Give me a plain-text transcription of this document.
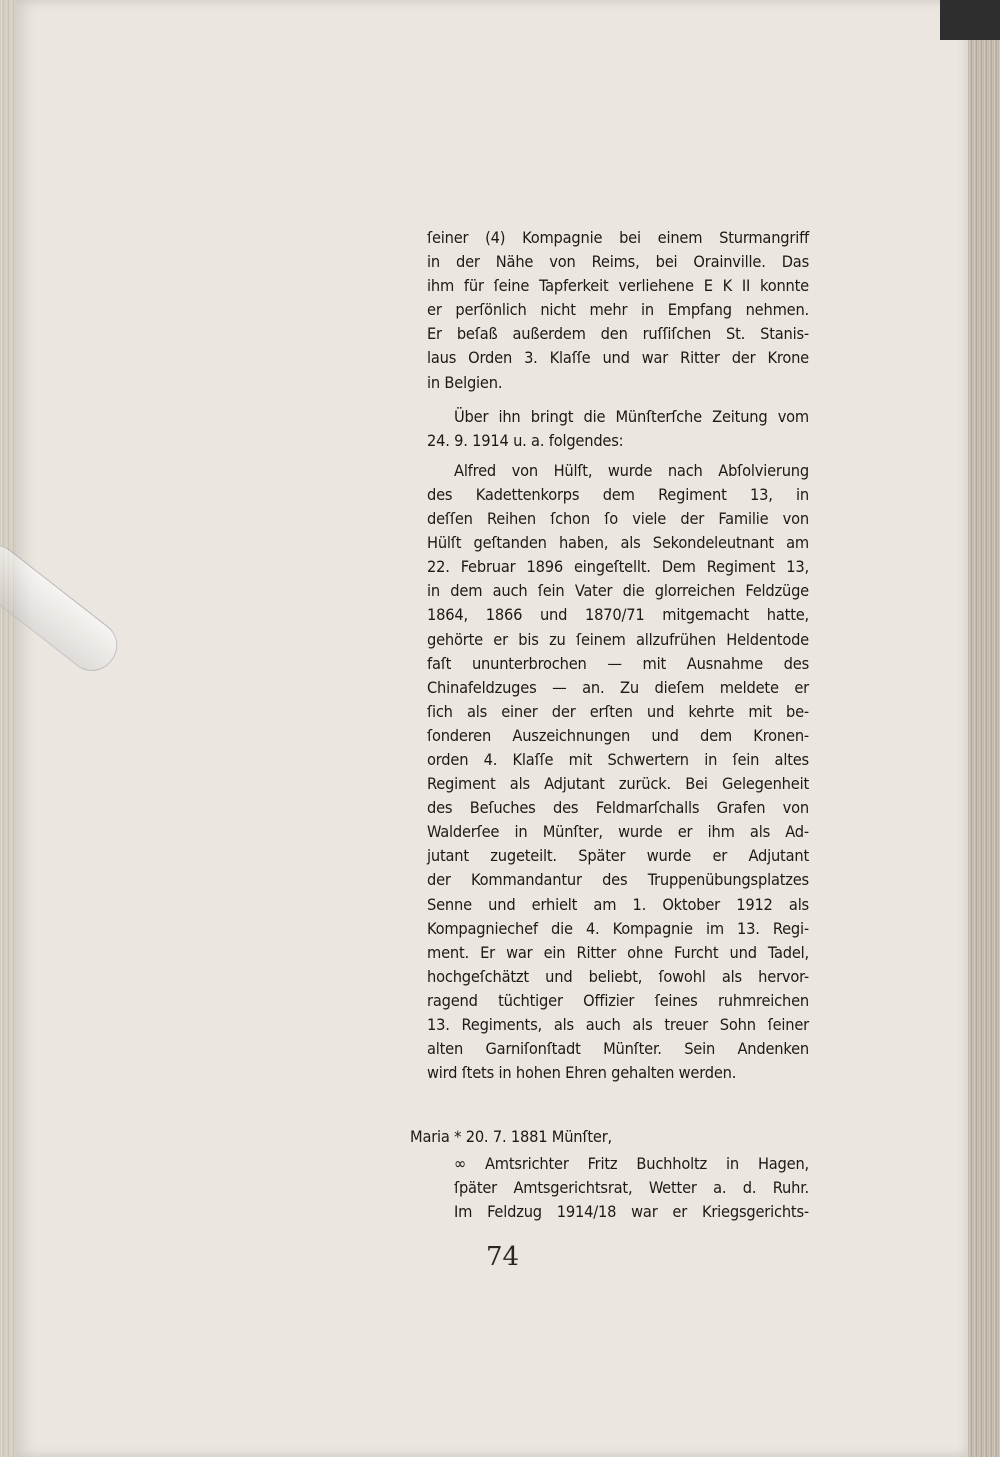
ſeiner (4) Kompagnie bei einem Sturmangriff
in der Nähe von Reims, bei Orainville. Das
ihm für ſeine Tapferkeit verliehene E K II konnte
er perſönlich nicht mehr in Empfang nehmen.
Er beſaß außerdem den ruſſiſchen St. Stanis-
laus Orden 3. Klaſſe und war Ritter der Krone
in Belgien.
Über ihn bringt die Münſterſche Zeitung vom
24. 9. 1914 u. a. folgendes:
Alfred von Hülſt, wurde nach Abſolvierung
des Kadettenkorps dem Regiment 13, in
deſſen Reihen ſchon ſo viele der Familie von
Hülſt geſtanden haben, als Sekondeleutnant am
22. Februar 1896 eingeſtellt. Dem Regiment 13,
in dem auch ſein Vater die glorreichen Feldzüge
1864, 1866 und 1870/71 mitgemacht hatte,
gehörte er bis zu ſeinem allzufrühen Heldentode
faſt ununterbrochen — mit Ausnahme des
Chinafeldzuges — an. Zu dieſem meldete er
ſich als einer der erſten und kehrte mit be-
ſonderen Auszeichnungen und dem Kronen-
orden 4. Klaſſe mit Schwertern in ſein altes
Regiment als Adjutant zurück. Bei Gelegenheit
des Beſuches des Feldmarſchalls Grafen von
Walderſee in Münſter, wurde er ihm als Ad-
jutant zugeteilt. Später wurde er Adjutant
der Kommandantur des Truppenübungsplatzes
Senne und erhielt am 1. Oktober 1912 als
Kompagniechef die 4. Kompagnie im 13. Regi-
ment. Er war ein Ritter ohne Furcht und Tadel,
hochgeſchätzt und beliebt, ſowohl als hervor-
ragend tüchtiger Offizier ſeines ruhmreichen
13. Regiments, als auch als treuer Sohn ſeiner
alten Garniſonſtadt Münſter. Sein Andenken
wird ſtets in hohen Ehren gehalten werden.
Maria * 20. 7. 1881 Münſter,
∞ Amtsrichter Fritz Buchholtz in Hagen,
ſpäter Amtsgerichtsrat, Wetter a. d. Ruhr.
Im Feldzug 1914/18 war er Kriegsgerichts-
74
